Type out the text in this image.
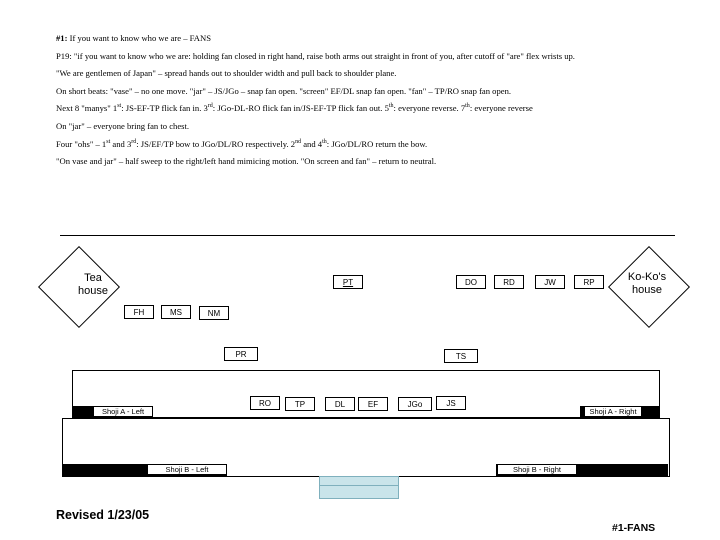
#1: If you want to know who we are – FANS

P19: "if you want to know who we are: holding fan closed in right hand, raise both arms out straight in front of you, after cutoff of "are" flex wrists up.

"We are gentlemen of Japan" – spread hands out to shoulder width and pull back to shoulder plane.

On short beats: "vase" – no one move. "jar" – JS/JGo – snap fan open. "screen" EF/DL snap fan open. "fan" – TP/RO snap fan open.

Next 8 "manys" 1st: JS-EF-TP flick fan in. 3rd: JGo-DL-RO flick fan in/JS-EF-TP flick fan out. 5th: everyone reverse. 7th: everyone reverse

On "jar" – everyone bring fan to chest.

Four "ohs" – 1st and 3rd: JS/EF/TP bow to JGo/DL/RO respectively. 2nd and 4th: JGo/DL/RO return the bow.

"On vase and jar" – half sweep to the right/left hand mimicing motion. "On screen and fan" – return to neutral.

Tea
house
Ko-Ko's
house
PT	DO	RD	JW	RP
FH	MS	NM
PR	TS
Shoji A - Left	Shoji A - Right
Shoji B - Left	Shoji B - Right
RO	TP	DL	EF	JGo	JS
Revised 1/23/05
#1-FANS
